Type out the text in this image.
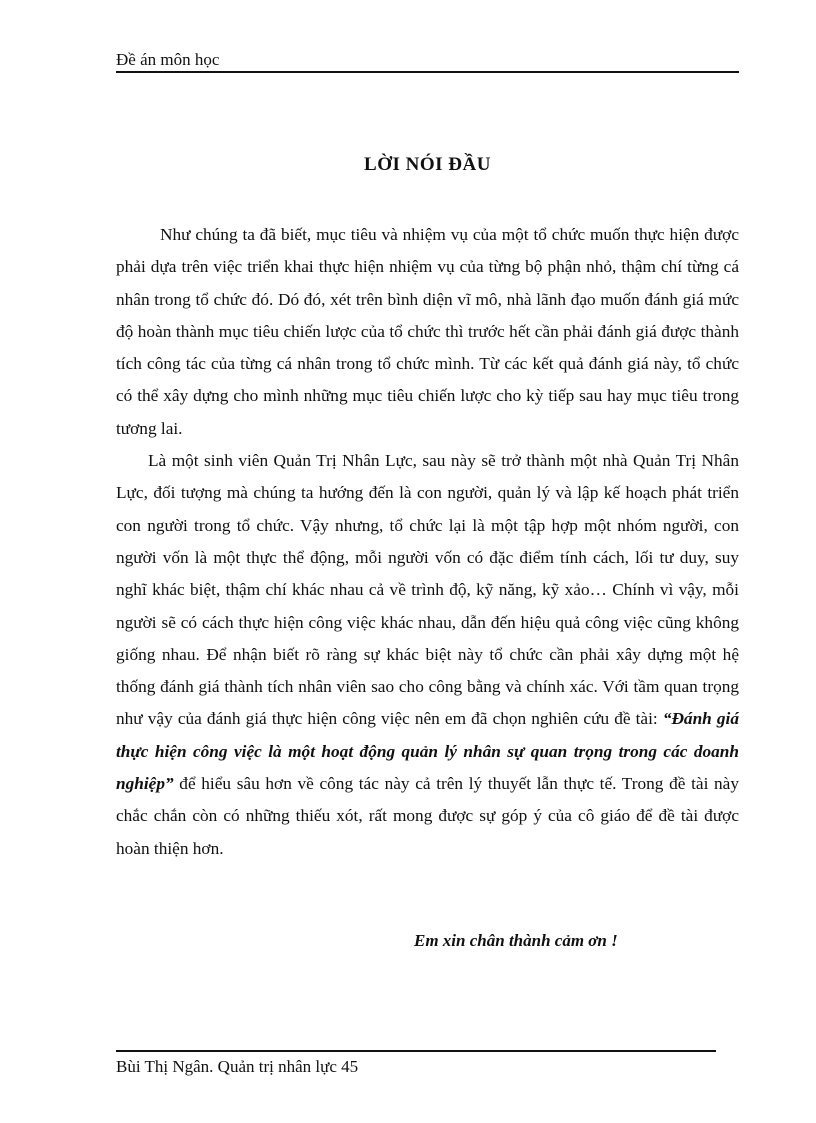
Đề án môn học
LỜI NÓI ĐẦU

Như chúng ta đã biết, mục tiêu và nhiệm vụ của một tổ chức muốn thực hiện được phải dựa trên việc triển khai thực hiện nhiệm vụ của từng bộ phận nhỏ, thậm chí từng cá nhân trong tổ chức đó. Dó đó, xét trên bình diện vĩ mô, nhà lãnh đạo muốn đánh giá mức độ hoàn thành mục tiêu chiến lược của tổ chức thì trước hết cần phải đánh giá được thành tích công tác của từng cá nhân trong tổ chức mình. Từ các kết quả đánh giá này, tổ chức có thể xây dựng cho mình những mục tiêu chiến lược cho kỳ tiếp sau hay mục tiêu trong tương lai.

Là một sinh viên Quản Trị Nhân Lực, sau này sẽ trở thành một nhà Quản Trị Nhân Lực, đối tượng mà chúng ta hướng đến là con người, quản lý và lập kế hoạch phát triển con người trong tổ chức. Vậy nhưng, tổ chức lại là một tập hợp một nhóm người, con người vốn là một thực thể động, mỗi người vốn có đặc điểm tính cách, lối tư duy, suy nghĩ khác biệt, thậm chí khác nhau cả về trình độ, kỹ năng, kỹ xảo… Chính vì vậy, mỗi người sẽ có cách thực hiện công việc khác nhau, dẫn đến hiệu quả công việc cũng không giống nhau. Để nhận biết rõ ràng sự khác biệt này tổ chức cần phải xây dựng một hệ thống đánh giá thành tích nhân viên sao cho công bằng và chính xác. Với tầm quan trọng như vậy của đánh giá thực hiện công việc nên em đã chọn nghiên cứu đề tài: “Đánh giá thực hiện công việc là một hoạt động quản lý nhân sự quan trọng trong các doanh nghiệp” để hiểu sâu hơn về công tác này cả trên lý thuyết lẫn thực tế. Trong đề tài này chắc chắn còn có những thiếu xót, rất mong được sự góp ý của cô giáo để đề tài được hoàn thiện hơn.

Em xin chân thành cảm ơn !
Bùi Thị Ngân. Quản trị nhân lực 45
